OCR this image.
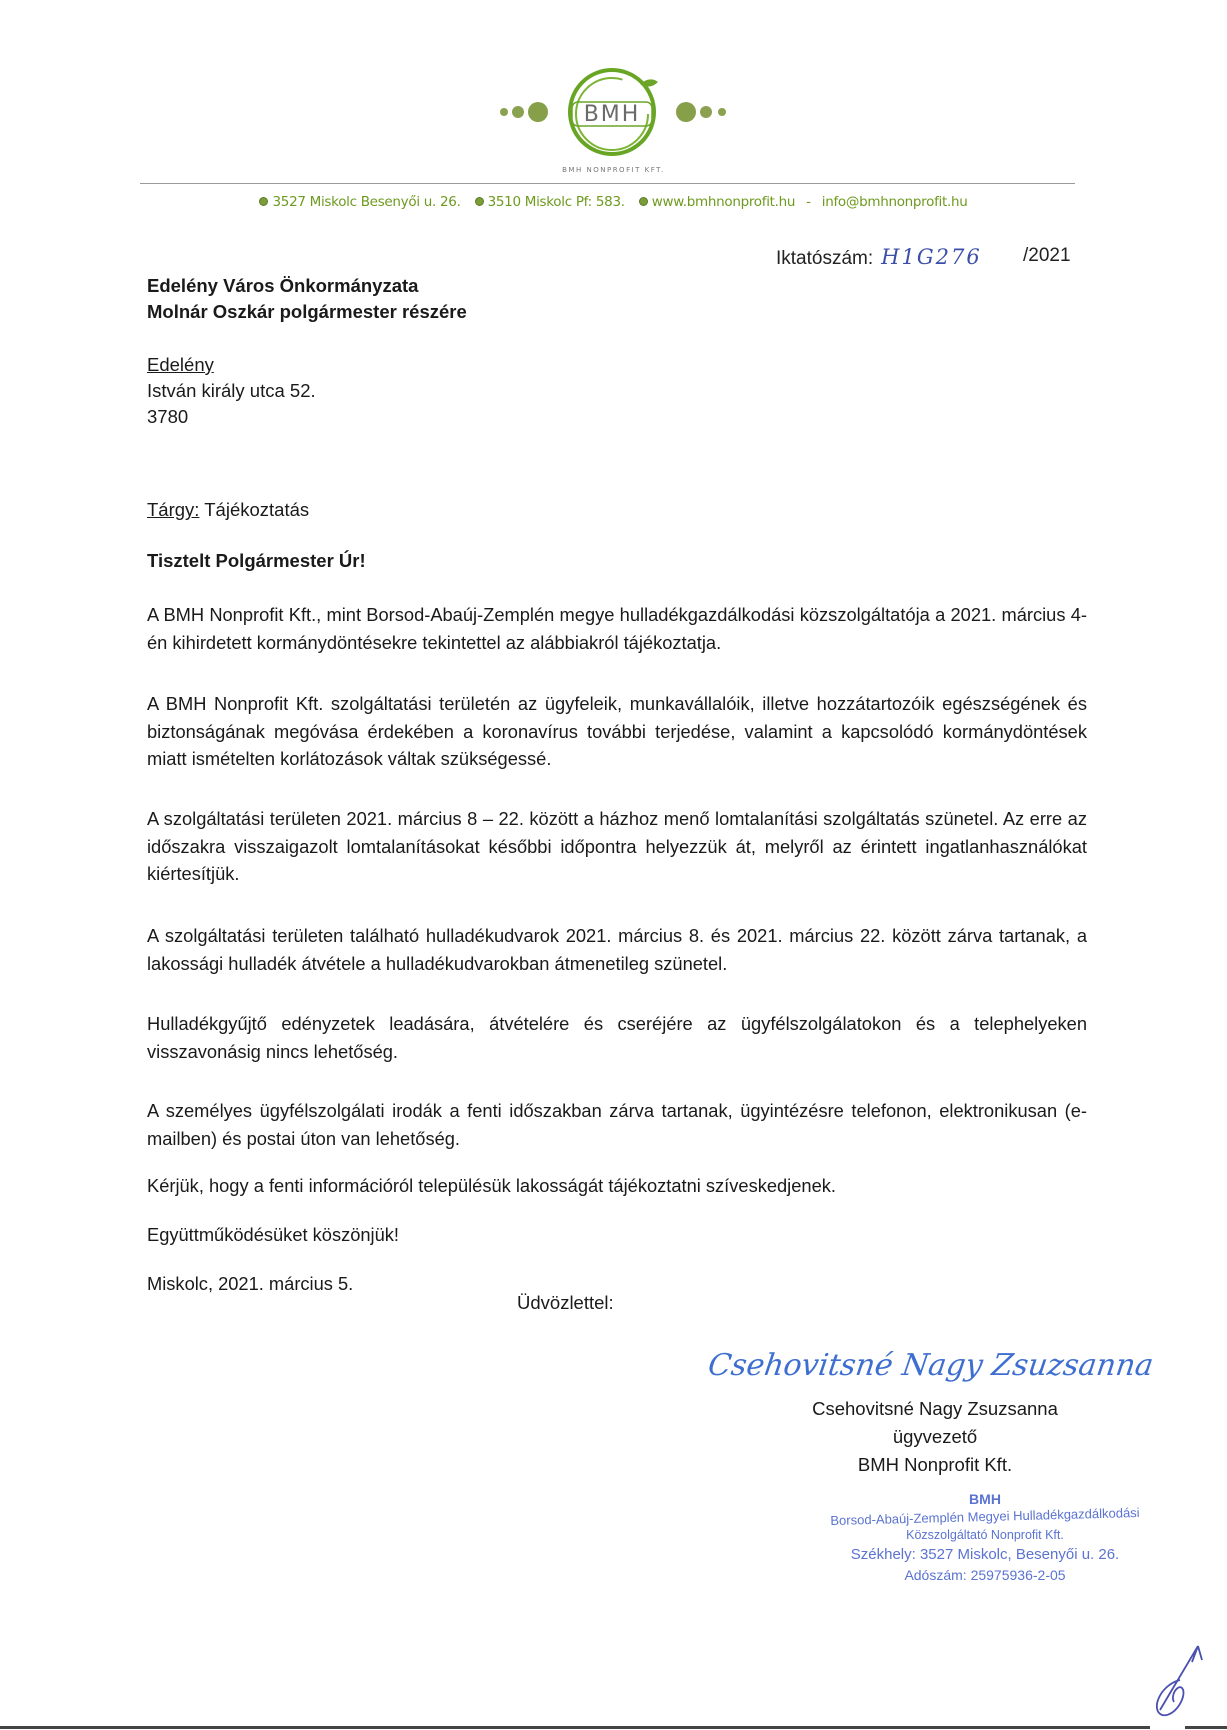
BMH
BMH NONPROFIT KFT.
3527 Miskolc Besenyői u. 26. 3510 Miskolc Pf: 583. www.bmhnonprofit.hu - info@bmhnonprofit.hu
Iktatószám: H1G276 /2021
Edelény Város Önkormányzata
Molnár Oszkár polgármester részére
Edelény
István király utca 52.
3780
Tárgy: Tájékoztatás
Tisztelt Polgármester Úr!
A BMH Nonprofit Kft., mint Borsod-Abaúj-Zemplén megye hulladékgazdálkodási közszolgáltatója a 2021. március 4-én kihirdetett kormánydöntésekre tekintettel az alábbiakról tájékoztatja.
A BMH Nonprofit Kft. szolgáltatási területén az ügyfeleik, munkavállalóik, illetve hozzátartozóik egészségének és biztonságának megóvása érdekében a koronavírus további terjedése, valamint a kapcsolódó kormánydöntések miatt ismételten korlátozások váltak szükségessé.
A szolgáltatási területen 2021. március 8 – 22. között a házhoz menő lomtalanítási szolgáltatás szünetel. Az erre az időszakra visszaigazolt lomtalanításokat későbbi időpontra helyezzük át, melyről az érintett ingatlanhasználókat kiértesítjük.
A szolgáltatási területen található hulladékudvarok 2021. március 8. és 2021. március 22. között zárva tartanak, a lakossági hulladék átvétele a hulladékudvarokban átmenetileg szünetel.
Hulladékgyűjtő edényzetek leadására, átvételére és cseréjére az ügyfélszolgálatokon és a telephelyeken visszavonásig nincs lehetőség.
A személyes ügyfélszolgálati irodák a fenti időszakban zárva tartanak, ügyintézésre telefonon, elektronikusan (e-mailben) és postai úton van lehetőség.
Kérjük, hogy a fenti információról településük lakosságát tájékoztatni szíveskedjenek.
Együttműködésüket köszönjük!
Miskolc, 2021. március 5.
Üdvözlettel:
Csehovitsné Nagy Zsuzsanna
Csehovitsné Nagy Zsuzsanna
ügyvezető
BMH Nonprofit Kft.
BMH
Borsod-Abaúj-Zemplén Megyei Hulladékgazdálkodási
Közszolgáltató Nonprofit Kft.
Székhely: 3527 Miskolc, Besenyői u. 26.
Adószám: 25975936-2-05
